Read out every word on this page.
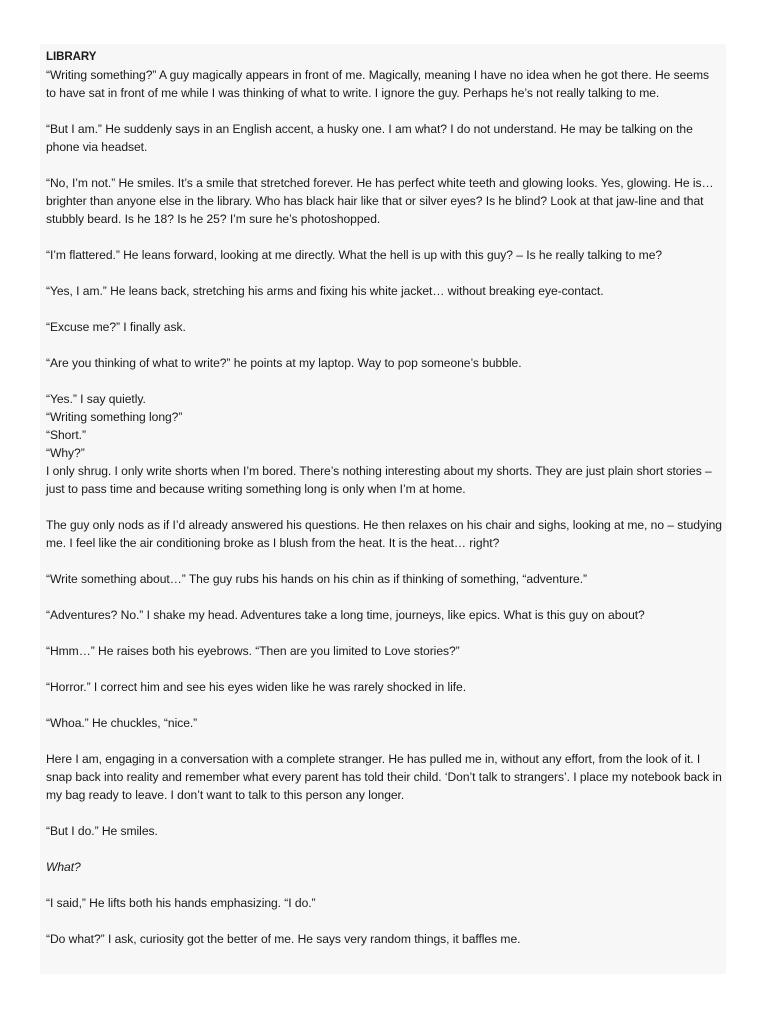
LIBRARY

“Writing something?” A guy magically appears in front of me. Magically, meaning I have no idea when he got there. He seems to have sat in front of me while I was thinking of what to write. I ignore the guy. Perhaps he’s not really talking to me.

“But I am.” He suddenly says in an English accent, a husky one. I am what? I do not understand. He may be talking on the phone via headset.

“No, I’m not.” He smiles. It’s a smile that stretched forever. He has perfect white teeth and glowing looks. Yes, glowing. He is…brighter than anyone else in the library. Who has black hair like that or silver eyes? Is he blind? Look at that jaw-line and that stubbly beard. Is he 18? Is he 25? I’m sure he’s photoshopped.

“I’m flattered.” He leans forward, looking at me directly. What the hell is up with this guy? – Is he really talking to me?

“Yes, I am.” He leans back, stretching his arms and fixing his white jacket… without breaking eye-contact.

“Excuse me?” I finally ask.

“Are you thinking of what to write?” he points at my laptop. Way to pop someone’s bubble.

“Yes.” I say quietly.

“Writing something long?”

“Short.”

“Why?”

I only shrug. I only write shorts when I’m bored. There’s nothing interesting about my shorts. They are just plain short stories – just to pass time and because writing something long is only when I’m at home.

The guy only nods as if I’d already answered his questions. He then relaxes on his chair and sighs, looking at me, no – studying me. I feel like the air conditioning broke as I blush from the heat. It is the heat… right?

“Write something about…” The guy rubs his hands on his chin as if thinking of something, “adventure.”

“Adventures? No.” I shake my head. Adventures take a long time, journeys, like epics. What is this guy on about?

“Hmm…” He raises both his eyebrows. “Then are you limited to Love stories?”

“Horror.” I correct him and see his eyes widen like he was rarely shocked in life.

“Whoa.” He chuckles, “nice.”

Here I am, engaging in a conversation with a complete stranger. He has pulled me in, without any effort, from the look of it. I snap back into reality and remember what every parent has told their child. ‘Don’t talk to strangers’. I place my notebook back in my bag ready to leave. I don’t want to talk to this person any longer.

“But I do.” He smiles.

What?

“I said,” He lifts both his hands emphasizing. “I do.”

“Do what?” I ask, curiosity got the better of me. He says very random things, it baffles me.
